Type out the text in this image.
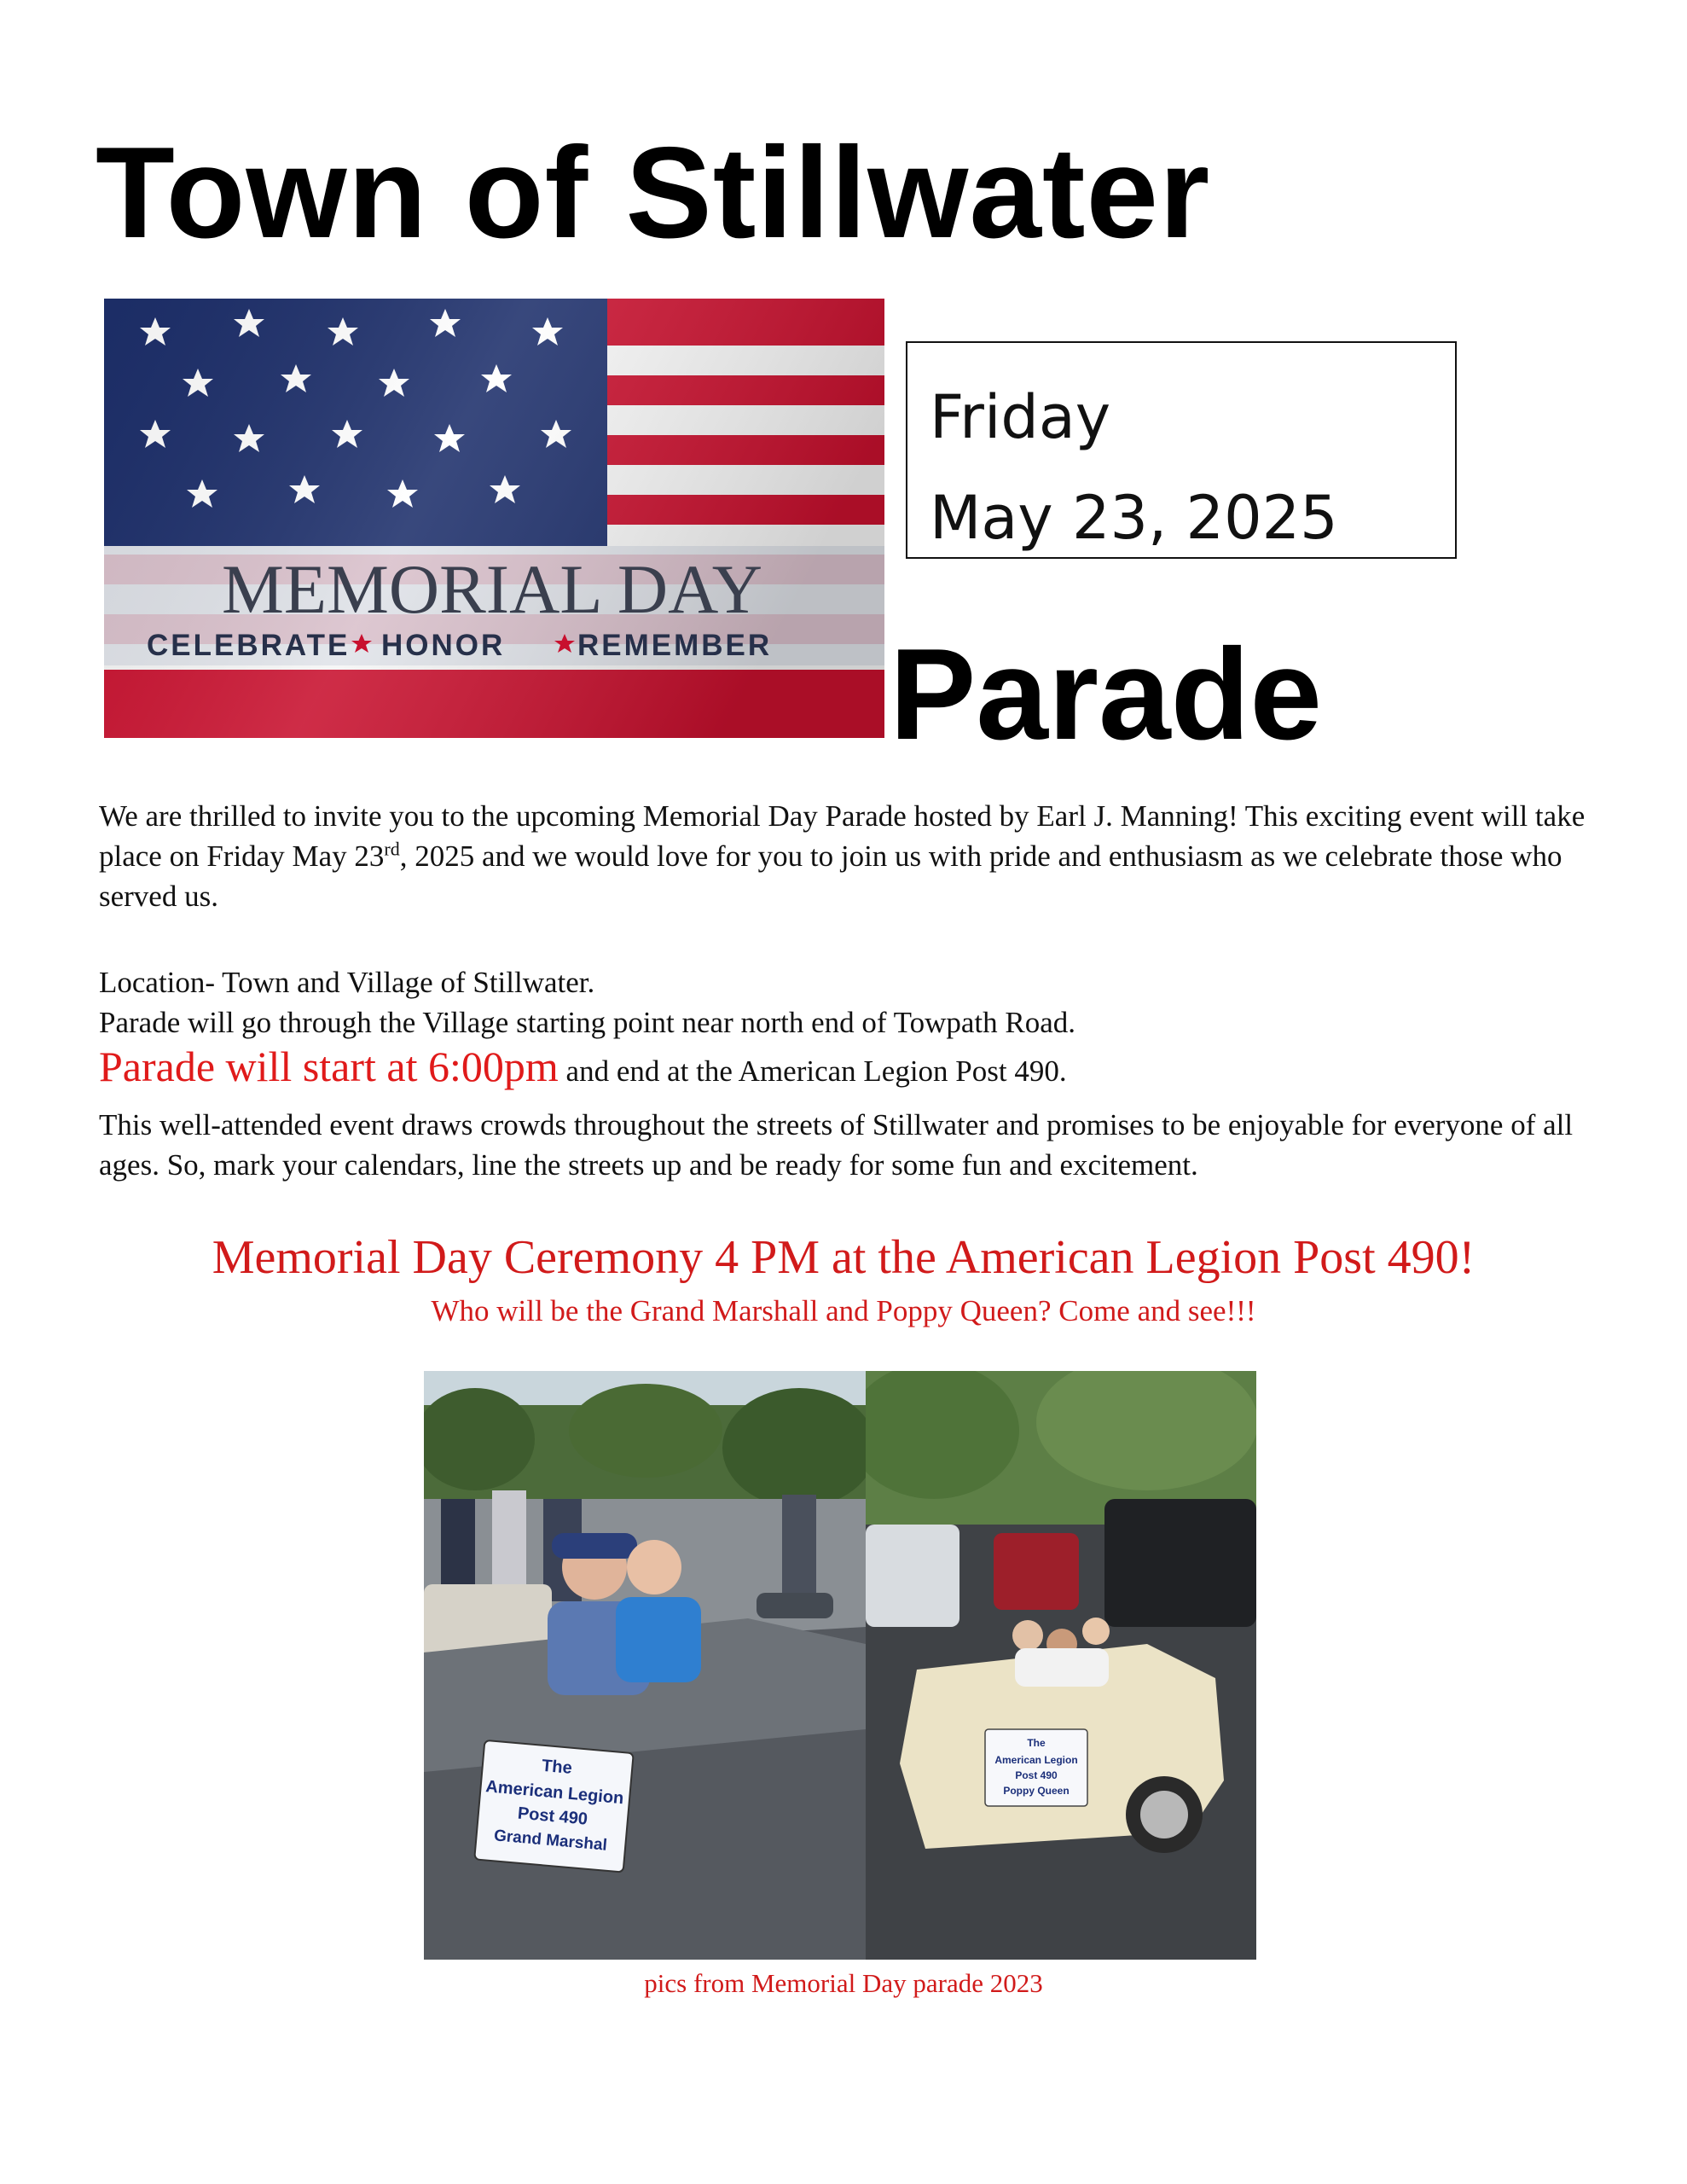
Town of Stillwater
MEMORIAL DAY
CELEBRATE HONOR REMEMBER
Friday
May 23, 2025
Parade

We are thrilled to invite you to the upcoming Memorial Day Parade hosted by Earl J. Manning! This exciting event will take place on Friday May 23rd, 2025 and we would love for you to join us with pride and enthusiasm as we celebrate those who served us.

Location- Town and Village of Stillwater.

Parade will go through the Village starting point near north end of Towpath Road.

Parade will start at 6:00pm and end at the American Legion Post 490.

This well-attended event draws crowds throughout the streets of Stillwater and promises to be enjoyable for everyone of all ages. So, mark your calendars, line the streets up and be ready for some fun and excitement.

Memorial Day Ceremony 4 PM at the American Legion Post 490!

Who will be the Grand Marshall and Poppy Queen? Come and see!!!

The
American Legion
Post 490
Grand Marshal
The
American Legion
Post 490
Poppy Queen

pics from Memorial Day parade 2023
